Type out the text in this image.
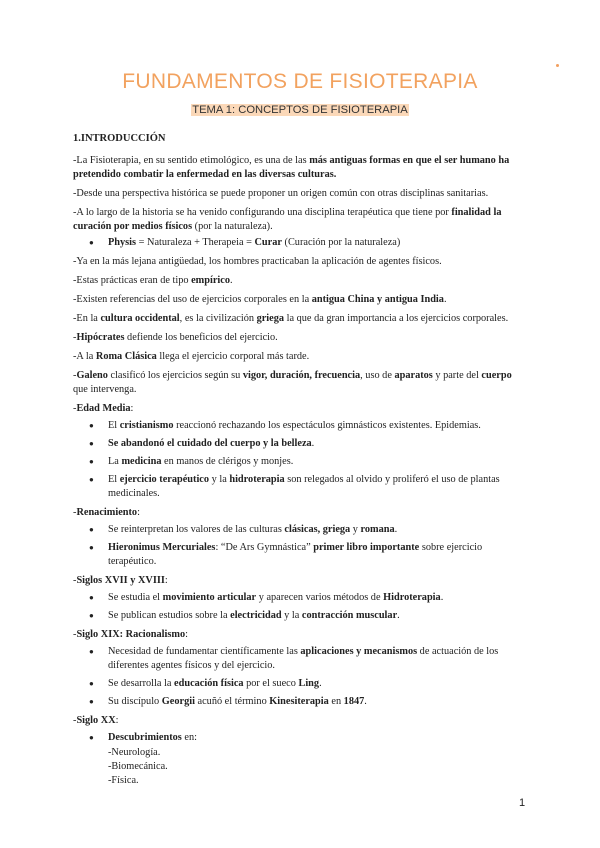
FUNDAMENTOS DE FISIOTERAPIA
TEMA 1: CONCEPTOS DE FISIOTERAPIA
1.INTRODUCCIÓN
-La Fisioterapia, en su sentido etimológico, es una de las más antiguas formas en que el ser humano ha pretendido combatir la enfermedad en las diversas culturas.
-Desde una perspectiva histórica se puede proponer un origen común con otras disciplinas sanitarias.
-A lo largo de la historia se ha venido configurando una disciplina terapéutica que tiene por finalidad la curación por medios físicos (por la naturaleza).
● Physis = Naturaleza + Therapeia = Curar (Curación por la naturaleza)
-Ya en la más lejana antigüedad, los hombres practicaban la aplicación de agentes físicos.
-Estas prácticas eran de tipo empírico.
-Existen referencias del uso de ejercicios corporales en la antigua China y antigua India.
-En la cultura occidental, es la civilización griega la que da gran importancia a los ejercicios corporales.
-Hipócrates defiende los beneficios del ejercicio.
-A la Roma Clásica llega el ejercicio corporal más tarde.
-Galeno clasificó los ejercicios según su vigor, duración, frecuencia, uso de aparatos y parte del cuerpo que intervenga.
-Edad Media:
● El cristianismo reaccionó rechazando los espectáculos gimnásticos existentes. Epidemias.
● Se abandonó el cuidado del cuerpo y la belleza.
● La medicina en manos de clérigos y monjes.
● El ejercicio terapéutico y la hidroterapia son relegados al olvido y proliferó el uso de plantas medicinales.
-Renacimiento:
● Se reinterpretan los valores de las culturas clásicas, griega y romana.
● Hieronimus Mercuriales: “De Ars Gymnástica” primer libro importante sobre ejercicio terapéutico.
-Siglos XVII y XVIII:
● Se estudia el movimiento articular y aparecen varios métodos de Hidroterapia.
● Se publican estudios sobre la electricidad y la contracción muscular.
-Siglo XIX: Racionalismo:
● Necesidad de fundamentar científicamente las aplicaciones y mecanismos de actuación de los diferentes agentes físicos y del ejercicio.
● Se desarrolla la educación física por el sueco Ling.
● Su discípulo Georgii acuñó el término Kinesiterapia en 1847.
-Siglo XX:
● Descubrimientos en:
-Neurología.
-Biomecánica.
-Física.
1
